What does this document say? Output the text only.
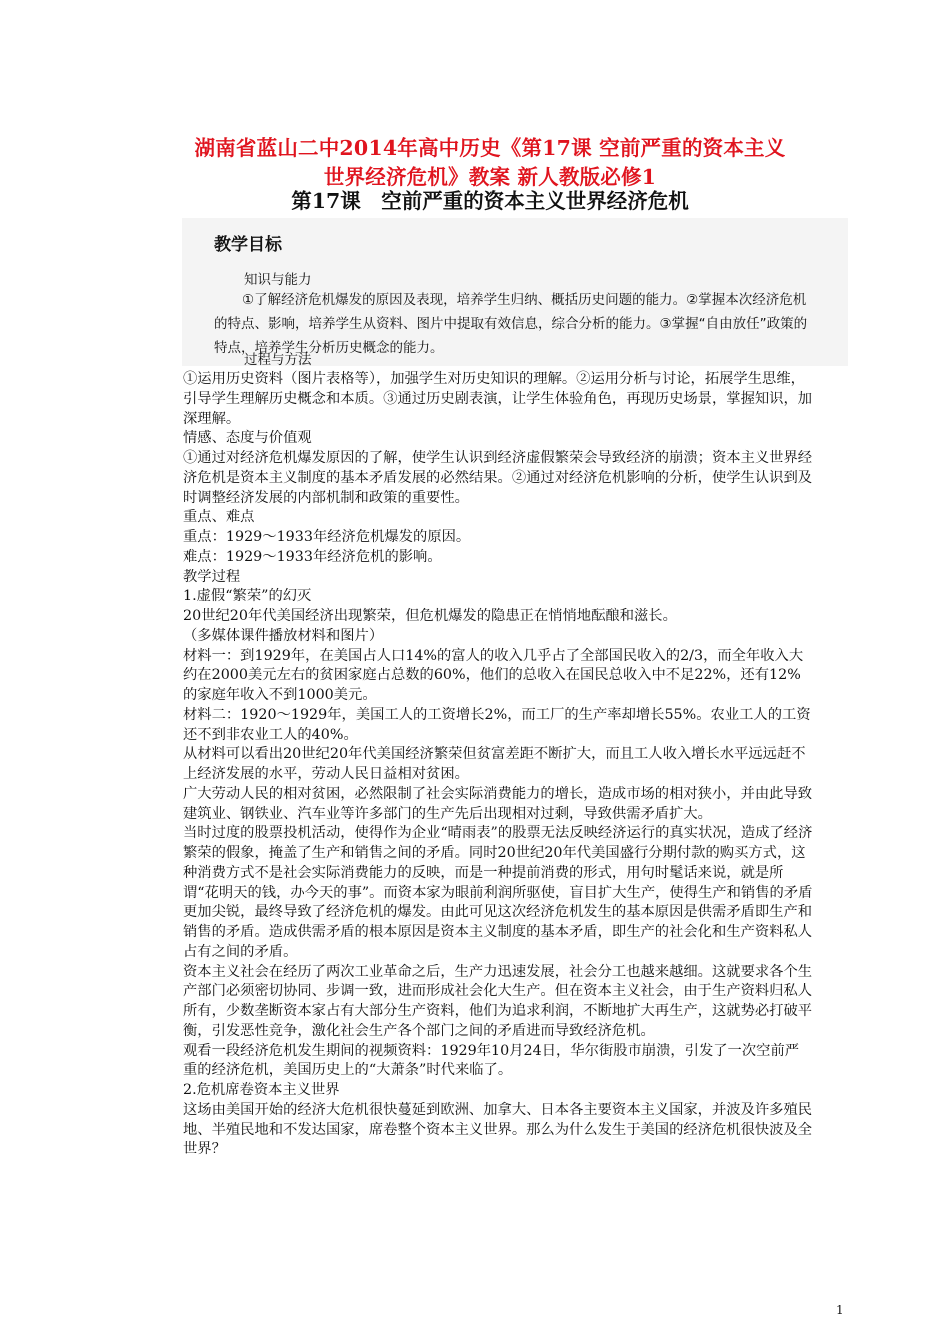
湖南省蓝山二中2014年高中历史《第17课 空前严重的资本主义
世界经济危机》教案 新人教版必修1
第17课　空前严重的资本主义世界经济危机
教学目标
知识与能力
①了解经济危机爆发的原因及表现，培养学生归纳、概括历史问题的能力。②掌握本次经济危机的特点、影响，培养学生从资料、图片中提取有效信息，综合分析的能力。③掌握“自由放任”政策的特点，培养学生分析历史概念的能力。
过程与方法

①运用历史资料（图片表格等），加强学生对历史知识的理解。②运用分析与讨论，拓展学生思维，引导学生理解历史概念和本质。③通过历史剧表演，让学生体验角色，再现历史场景，掌握知识，加深理解。

情感、态度与价值观

①通过对经济危机爆发原因的了解，使学生认识到经济虚假繁荣会导致经济的崩溃；资本主义世界经济危机是资本主义制度的基本矛盾发展的必然结果。②通过对经济危机影响的分析，使学生认识到及时调整经济发展的内部机制和政策的重要性。

重点、难点

重点：1929～1933年经济危机爆发的原因。

难点：1929～1933年经济危机的影响。

教学过程

1.虚假“繁荣”的幻灭

20世纪20年代美国经济出现繁荣，但危机爆发的隐患正在悄悄地酝酿和滋长。

（多媒体课件播放材料和图片）

材料一：到1929年，在美国占人口14%的富人的收入几乎占了全部国民收入的2/3，而全年收入大约在2000美元左右的贫困家庭占总数的60%，他们的总收入在国民总收入中不足22%，还有12%的家庭年收入不到1000美元。

材料二：1920～1929年，美国工人的工资增长2%，而工厂的生产率却增长55%。农业工人的工资还不到非农业工人的40%。

从材料可以看出20世纪20年代美国经济繁荣但贫富差距不断扩大，而且工人收入增长水平远远赶不上经济发展的水平，劳动人民日益相对贫困。

广大劳动人民的相对贫困，必然限制了社会实际消费能力的增长，造成市场的相对狭小，并由此导致建筑业、钢铁业、汽车业等许多部门的生产先后出现相对过剩，导致供需矛盾扩大。

当时过度的股票投机活动，使得作为企业“晴雨表”的股票无法反映经济运行的真实状况，造成了经济繁荣的假象，掩盖了生产和销售之间的矛盾。同时20世纪20年代美国盛行分期付款的购买方式，这种消费方式不是社会实际消费能力的反映，而是一种提前消费的形式，用句时髦话来说，就是所谓“花明天的钱，办今天的事”。而资本家为眼前利润所驱使，盲目扩大生产，使得生产和销售的矛盾更加尖锐，最终导致了经济危机的爆发。由此可见这次经济危机发生的基本原因是供需矛盾即生产和销售的矛盾。造成供需矛盾的根本原因是资本主义制度的基本矛盾，即生产的社会化和生产资料私人占有之间的矛盾。

资本主义社会在经历了两次工业革命之后，生产力迅速发展，社会分工也越来越细。这就要求各个生产部门必须密切协同、步调一致，进而形成社会化大生产。但在资本主义社会，由于生产资料归私人所有，少数垄断资本家占有大部分生产资料，他们为追求利润，不断地扩大再生产，这就势必打破平衡，引发恶性竞争，激化社会生产各个部门之间的矛盾进而导致经济危机。

观看一段经济危机发生期间的视频资料：1929年10月24日，华尔街股市崩溃，引发了一次空前严重的经济危机，美国历史上的“大萧条”时代来临了。

2.危机席卷资本主义世界

这场由美国开始的经济大危机很快蔓延到欧洲、加拿大、日本各主要资本主义国家，并波及许多殖民地、半殖民地和不发达国家，席卷整个资本主义世界。那么为什么发生于美国的经济危机很快波及全世界？

1
